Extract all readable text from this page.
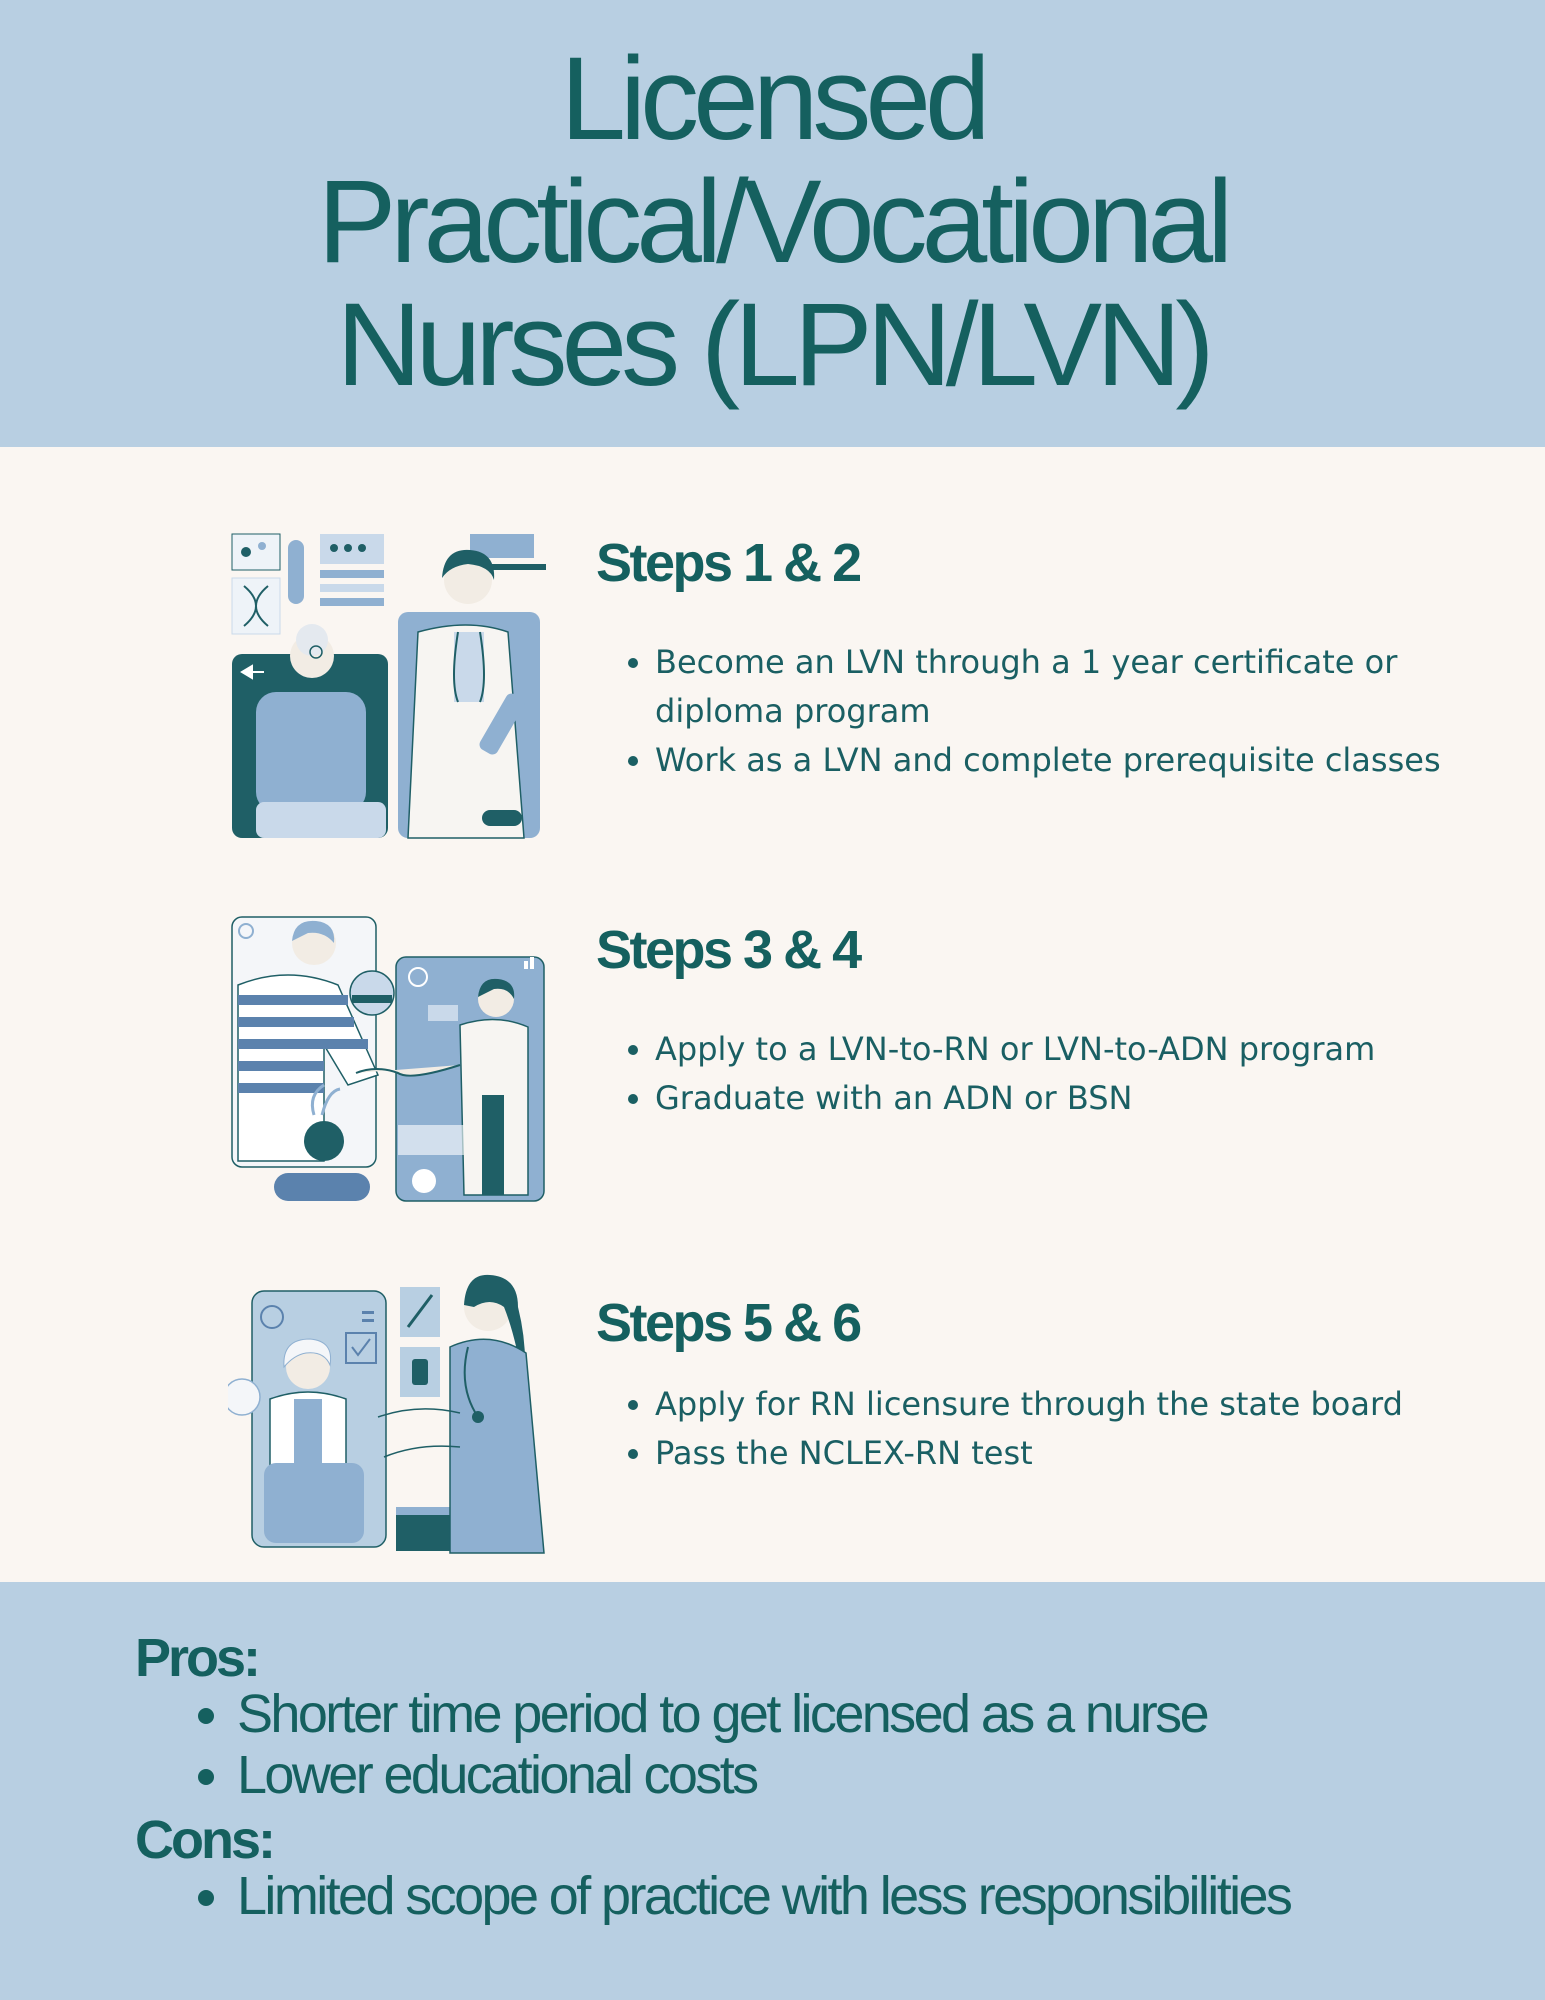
Licensed
Practical/Vocational
Nurses (LPN/LVN)
Steps 1 & 2
• Become an LVN through a 1 year certificate or diploma program
• Work as a LVN and complete prerequisite classes
Steps 3 & 4
• Apply to a LVN-to-RN or LVN-to-ADN program
• Graduate with an ADN or BSN
Steps 5 & 6
• Apply for RN licensure through the state board
• Pass the NCLEX-RN test
Pros:
• Shorter time period to get licensed as a nurse
• Lower educational costs
Cons:
• Limited scope of practice with less responsibilities
